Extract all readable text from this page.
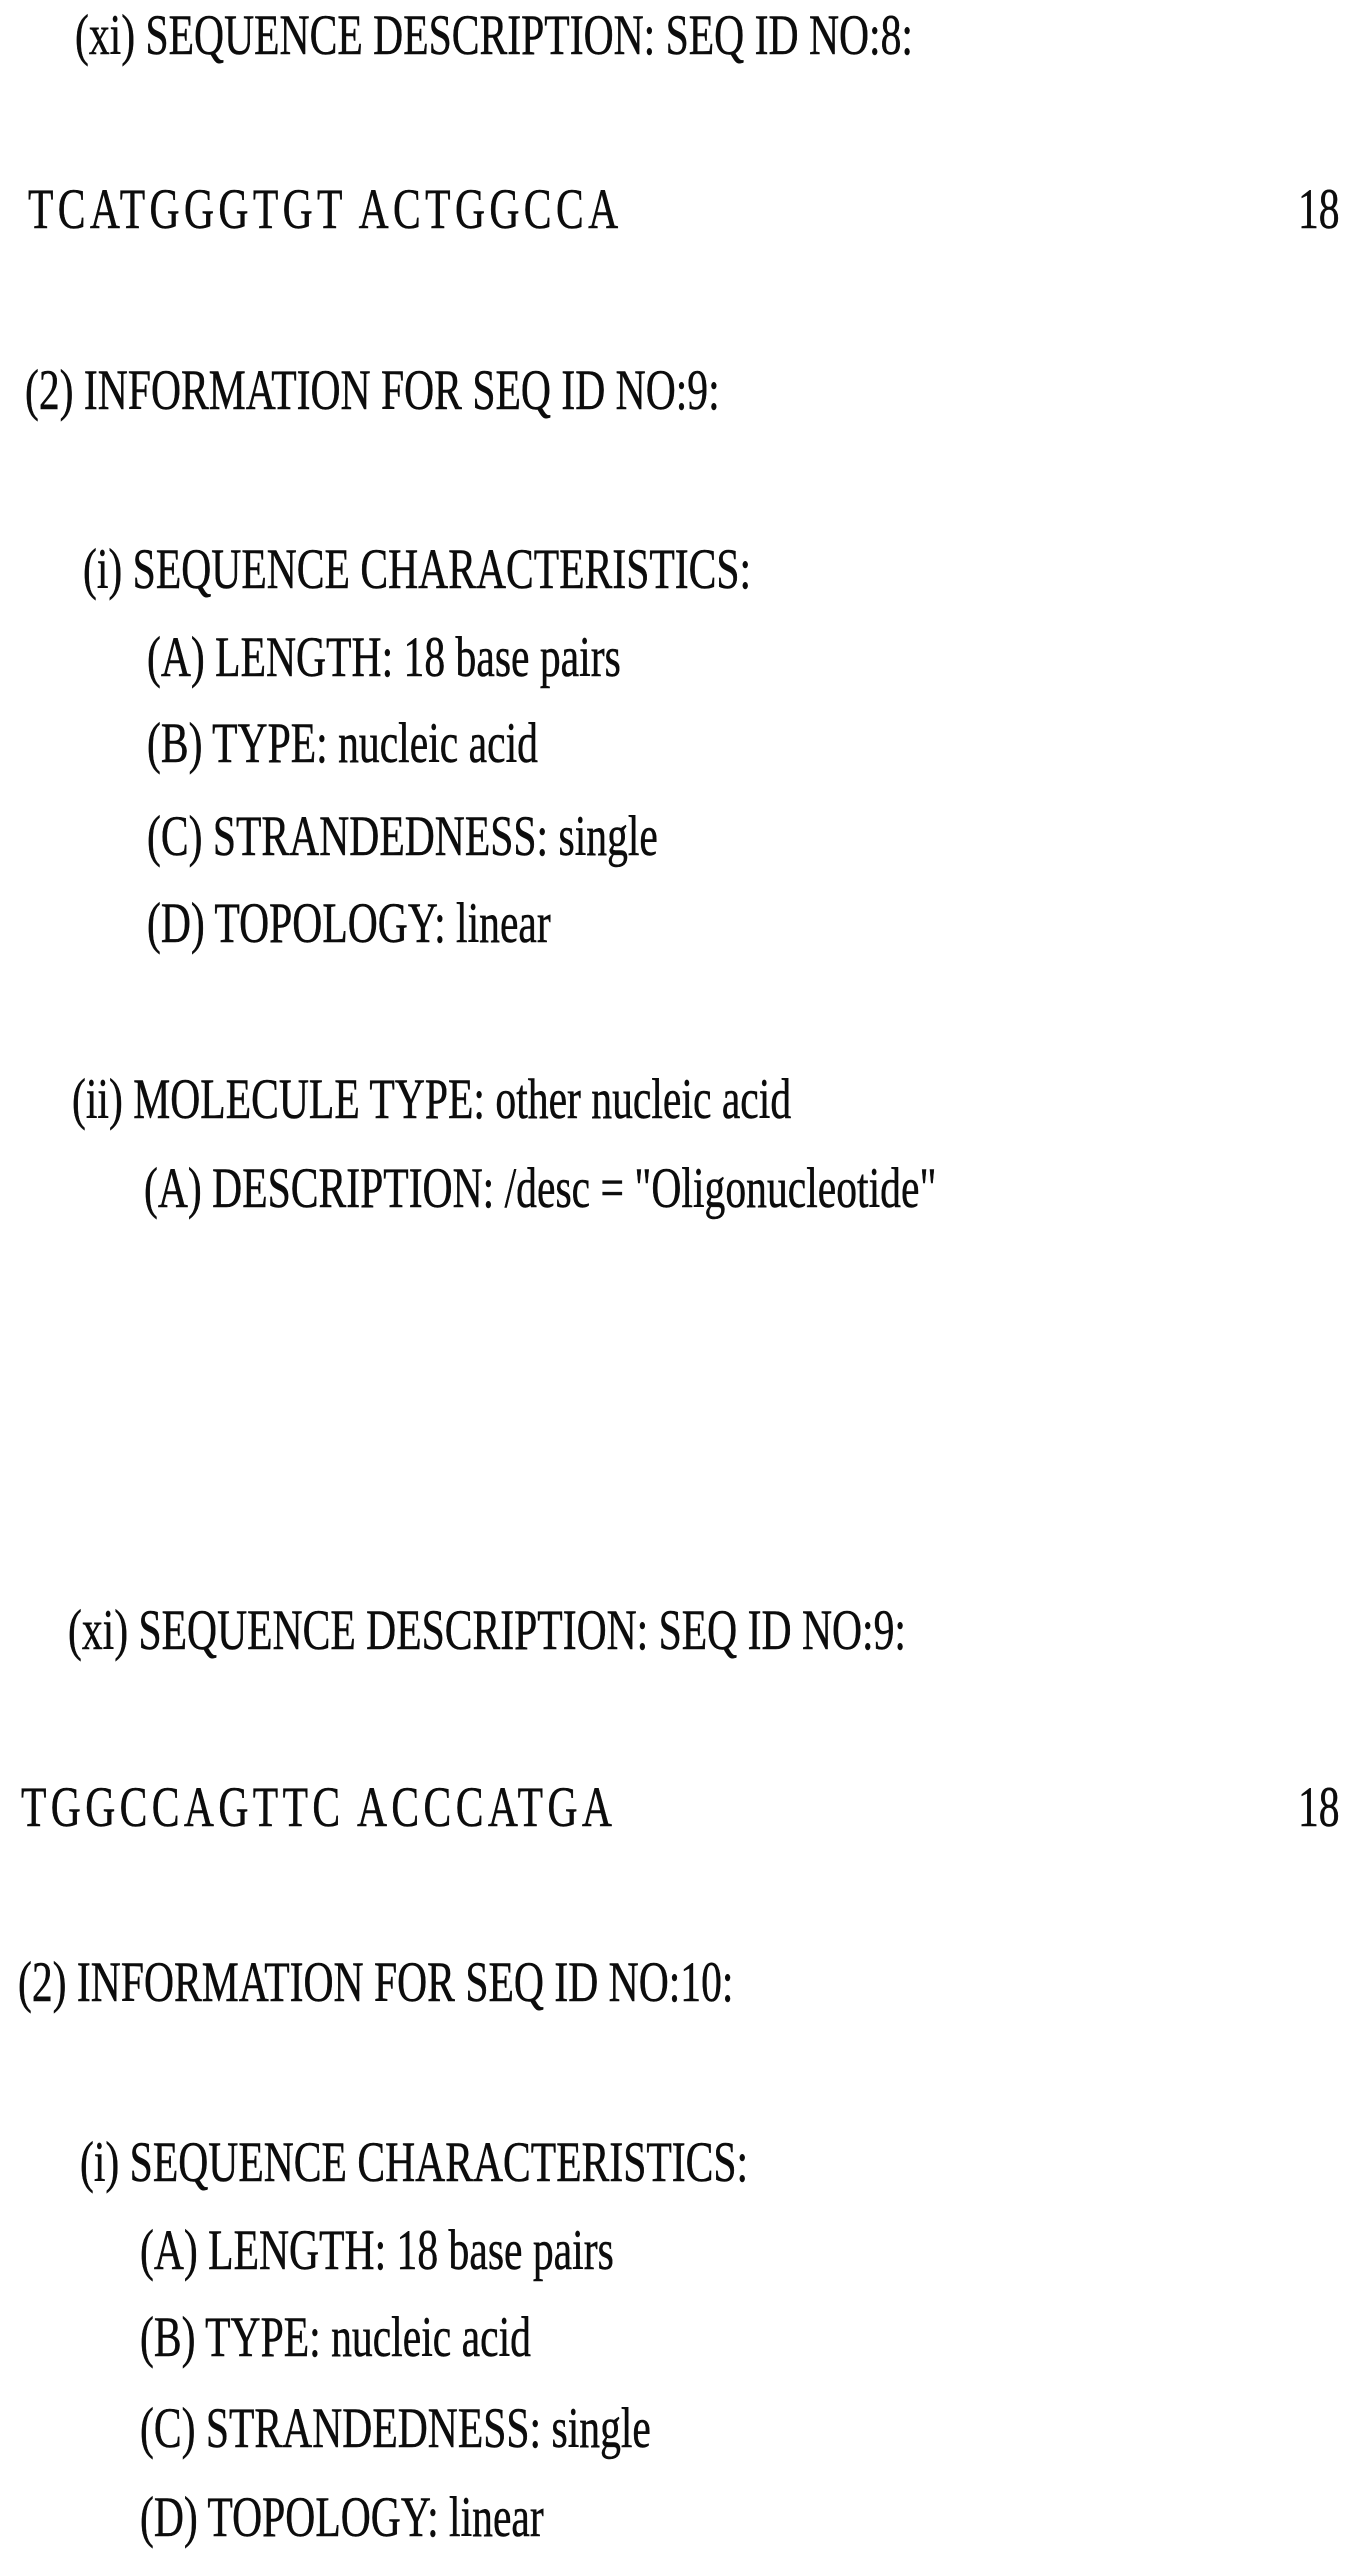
(xi) SEQUENCE DESCRIPTION: SEQ ID NO:8:
TCATGGGTGT ACTGGCCA	18
(2) INFORMATION FOR SEQ ID NO:9:
(i) SEQUENCE CHARACTERISTICS:
(A) LENGTH: 18 base pairs
(B) TYPE: nucleic acid
(C) STRANDEDNESS: single
(D) TOPOLOGY: linear
(ii) MOLECULE TYPE: other nucleic acid
(A) DESCRIPTION: /desc = "Oligonucleotide"
(xi) SEQUENCE DESCRIPTION: SEQ ID NO:9:
TGGCCAGTTC ACCCATGA	18
(2) INFORMATION FOR SEQ ID NO:10:
(i) SEQUENCE CHARACTERISTICS:
(A) LENGTH: 18 base pairs
(B) TYPE: nucleic acid
(C) STRANDEDNESS: single
(D) TOPOLOGY: linear
